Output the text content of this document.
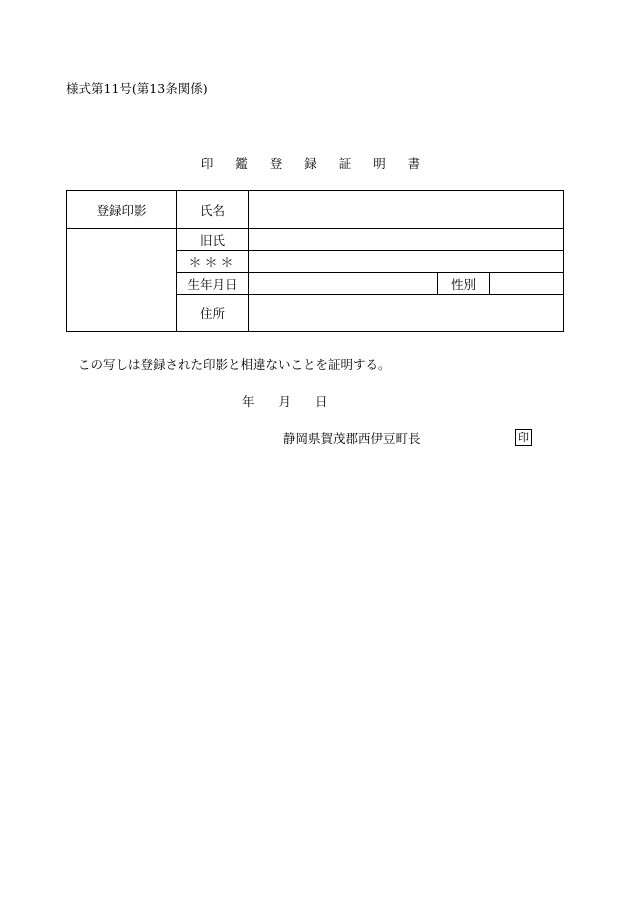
様式第11号(第13条関係)
印 鑑 登 録 証 明 書
登録印影	氏名			
	旧氏			
	＊＊＊			
	生年月日		性別	
	住所			
この写しは登録された印影と相違ないことを証明する。
年 月 日
静岡県賀茂郡西伊豆町長	印
